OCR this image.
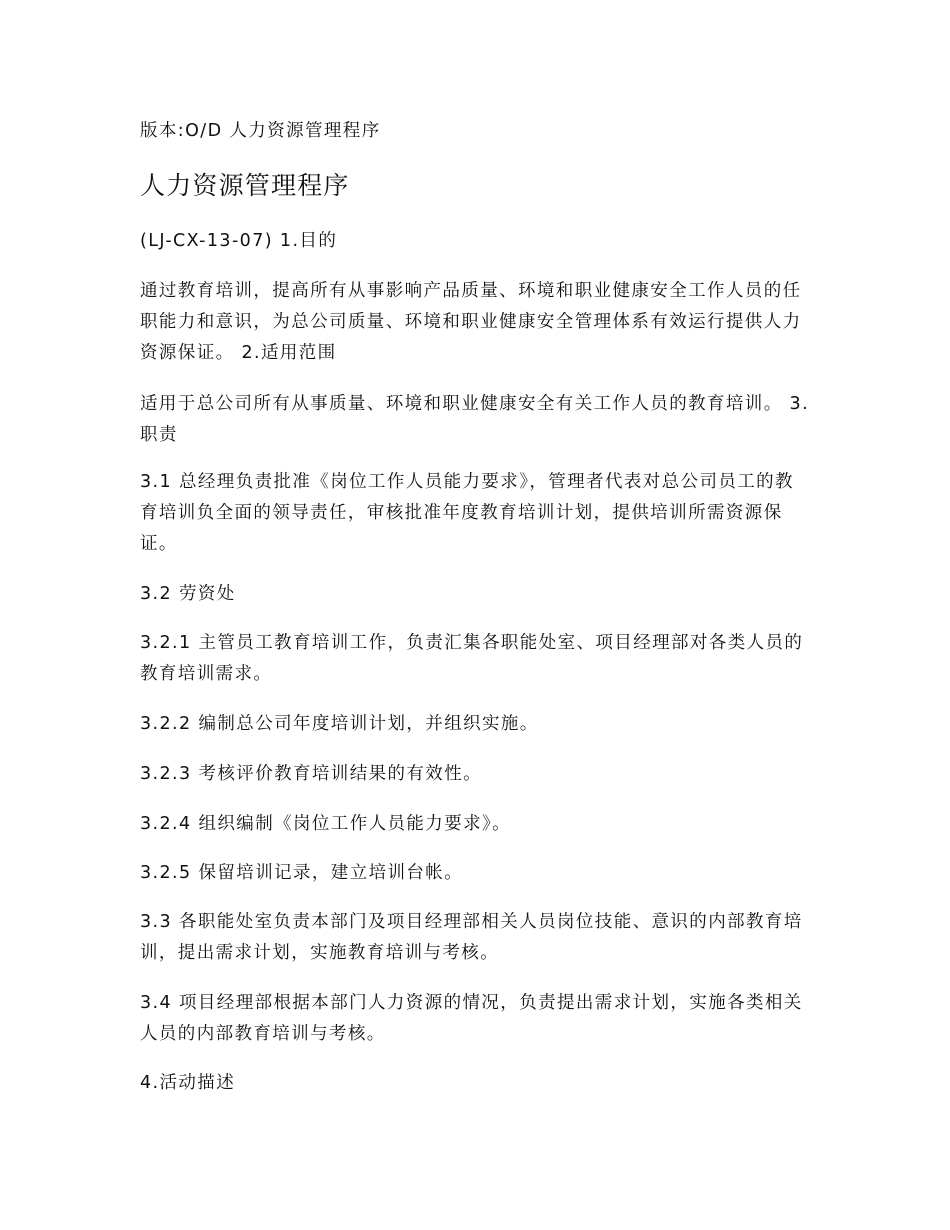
版本:O/D 人力资源管理程序

人力资源管理程序

(LJ-CX-13-07) 1.目的

通过教育培训，提高所有从事影响产品质量、环境和职业健康安全工作人员的任职能力和意识，为总公司质量、环境和职业健康安全管理体系有效运行提供人力资源保证。 2.适用范围

适用于总公司所有从事质量、环境和职业健康安全有关工作人员的教育培训。 3.职责

3.1 总经理负责批准《岗位工作人员能力要求》，管理者代表对总公司员工的教育培训负全面的领导责任，审核批准年度教育培训计划，提供培训所需资源保证。

3.2 劳资处

3.2.1 主管员工教育培训工作，负责汇集各职能处室、项目经理部对各类人员的教育培训需求。

3.2.2 编制总公司年度培训计划，并组织实施。

3.2.3 考核评价教育培训结果的有效性。

3.2.4 组织编制《岗位工作人员能力要求》。

3.2.5 保留培训记录，建立培训台帐。

3.3 各职能处室负责本部门及项目经理部相关人员岗位技能、意识的内部教育培训，提出需求计划，实施教育培训与考核。

3.4 项目经理部根据本部门人力资源的情况，负责提出需求计划，实施各类相关人员的内部教育培训与考核。

4.活动描述
